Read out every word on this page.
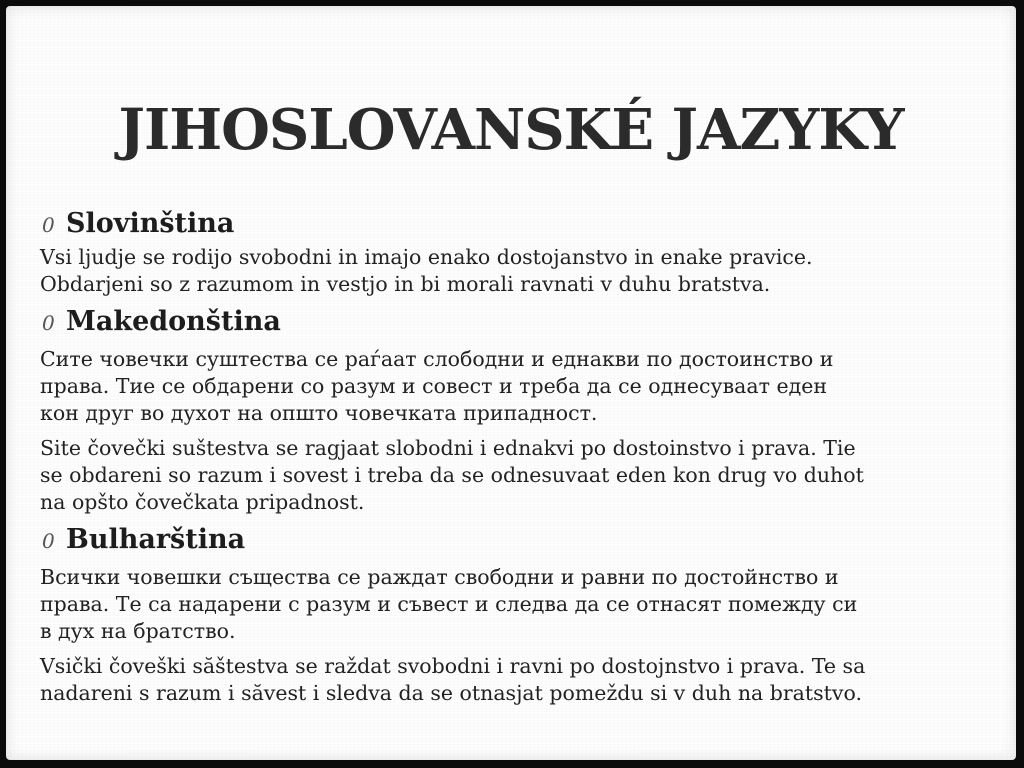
JIHOSLOVANSKÉ JAZYKY
0 Slovinština
Vsi ljudje se rodijo svobodni in imajo enako dostojanstvo in enake pravice.
Obdarjeni so z razumom in vestjo in bi morali ravnati v duhu bratstva.
0 Makedonština
Сите човечки суштества се раѓаат слободни и еднакви по достоинство и
права. Тие се обдарени со разум и совест и треба да се однесуваат еден
кон друг во духот на општо човечката припадност.
Site čovečki suštestva se ragjaat slobodni i ednakvi po dostoinstvo i prava. Tie
se obdareni so razum i sovest i treba da se odnesuvaat eden kon drug vo duhot
na opšto čovečkata pripadnost.
0 Bulharština
Всички човешки същества се раждат свободни и равни по достойнство и
права. Те са надарени с разум и съвест и следва да се отнасят помежду си
в дух на братство.
Vsički čoveški săštestva se raždat svobodni i ravni po dostojnstvo i prava. Te sa
nadareni s razum i săvest i sledva da se otnasjat pomeždu si v duh na bratstvo.
